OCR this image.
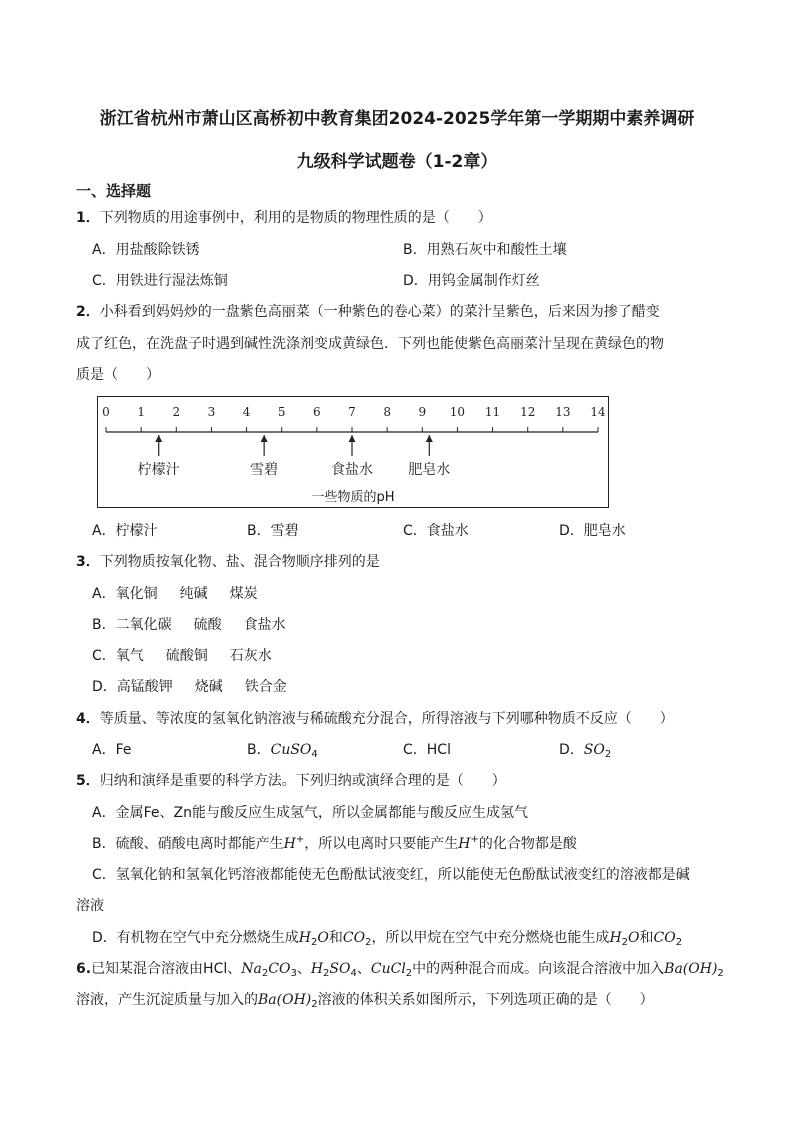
浙江省杭州市萧山区高桥初中教育集团2024-2025学年第一学期期中素养调研
九级科学试题卷（1-2章）
一、选择题
1．下列物质的用途事例中，利用的是物质的物理性质的是（　　）
A．用盐酸除铁锈	B．用熟石灰中和酸性土壤
C．用铁进行湿法炼铜	D．用钨金属制作灯丝
2．小科看到妈妈炒的一盘紫色高丽菜（一种紫色的卷心菜）的菜汁呈紫色，后来因为掺了醋变
成了红色，在洗盘子时遇到碱性洗涤剂变成黄绿色．下列也能使紫色高丽菜汁呈现在黄绿色的物
质是（　　）
0 1 2 3 4 5 6 7 8 9 10 11 12 13 14
柠檬汁	雪碧	食盐水	肥皂水
一些物质的pH
A．柠檬汁	B．雪碧	C．食盐水	D．肥皂水
3．下列物质按氧化物、盐、混合物顺序排列的是
A．氧化铜 纯碱 煤炭
B．二氧化碳 硫酸 食盐水
C．氧气 硫酸铜 石灰水
D．高锰酸钾 烧碱 铁合金
4．等质量、等浓度的氢氧化钠溶液与稀硫酸充分混合，所得溶液与下列哪种物质不反应（　　）
A．Fe	B．CuSO$_4$	C．HCl	D．$SO_2$
5．归纳和演绎是重要的科学方法。下列归纳或演绎合理的是（　　）
A．金属Fe、Zn能与酸反应生成氢气，所以金属都能与酸反应生成氢气
B．硫酸、硝酸电离时都能产生H+，所以电离时只要能产生H+的化合物都是酸
C．氢氧化钠和氢氧化钙溶液都能使无色酚酞试液变红，所以能使无色酚酞试液变红的溶液都是碱
溶液
D．有机物在空气中充分燃烧生成$H_2O$和$CO_2$，所以甲烷在空气中充分燃烧也能生成$H_2O$和$CO_2$
6.已知某混合溶液由HCl、$Na_2CO_3$、$H_2SO_4$、CuCl$_2$中的两种混合而成。向该混合溶液中加入$Ba(OH)_2$
溶液，产生沉淀质量与加入的$Ba(OH)_2$溶液的体积关系如图所示，下列选项正确的是（　　）
